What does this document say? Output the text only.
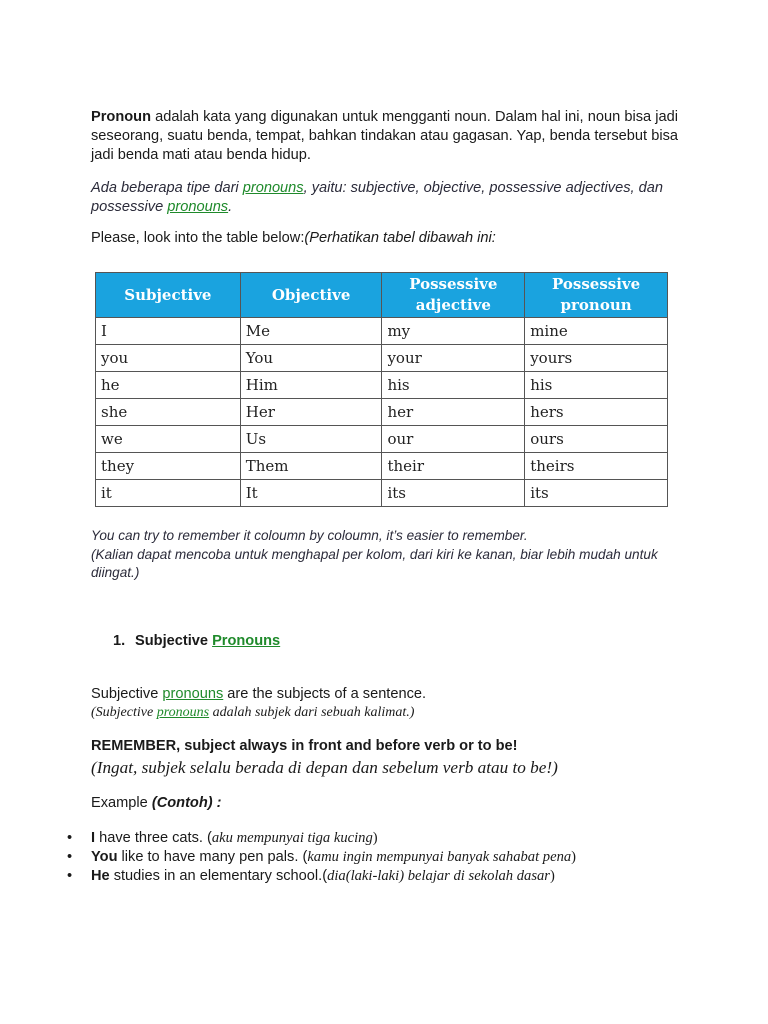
Pronoun adalah kata yang digunakan untuk mengganti noun. Dalam hal ini, noun bisa jadi seseorang, suatu benda, tempat, bahkan tindakan atau gagasan. Yap, benda tersebut bisa jadi benda mati atau benda hidup.

Ada beberapa tipe dari pronouns, yaitu: subjective, objective, possessive adjectives, dan possessive pronouns.

Please, look into the table below:(Perhatikan tabel dibawah ini:

Subjective	Objective	Possessive adjective	Possessive pronoun
I	Me	my	mine
you	You	your	yours
he	Him	his	his
she	Her	her	hers
we	Us	our	ours
they	Them	their	theirs
it	It	its	its

You can try to remember it coloumn by coloumn, it’s easier to remember.
(Kalian dapat mencoba untuk menghapal per kolom, dari kiri ke kanan, biar lebih mudah untuk diingat.)

Subjective pronouns are the subjects of a sentence.

(Subjective pronouns adalah subjek dari sebuah kalimat.)

REMEMBER, subject always in front and before verb or to be!

(Ingat, subjek selalu berada di depan dan sebelum verb atau to be!)

Example (Contoh) :

1. Subjective Pronouns

• I have three cats. (aku mempunyai tiga kucing)
• You like to have many pen pals. (kamu ingin mempunyai banyak sahabat pena)
• He studies in an elementary school.(dia(laki-laki) belajar di sekolah dasar)
